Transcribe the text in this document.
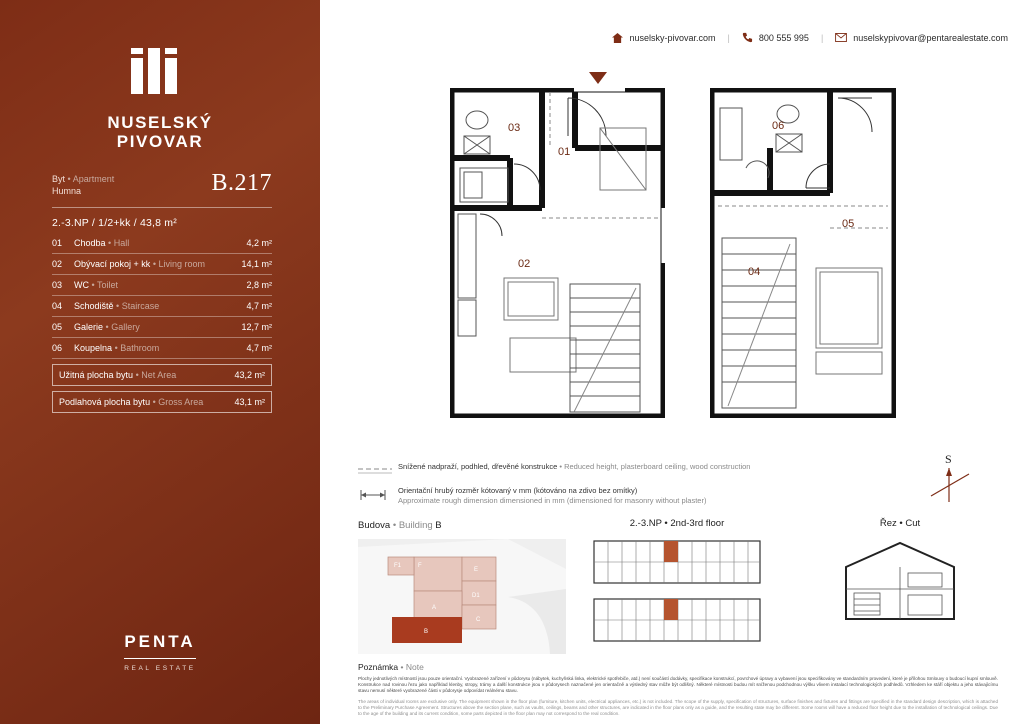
NUSELSKÝ
PIVOVAR
Byt • Apartment
Humna	B.217
2.-3.NP / 1/2+kk / 43,8 m²
01	Chodba • Hall	4,2 m²
02	Obývací pokoj + kk • Living room	14,1 m²
03	WC • Toilet	2,8 m²
04	Schodiště • Staircase	4,7 m²
05	Galerie • Gallery	12,7 m²
06	Koupelna • Bathroom	4,7 m²
Užitná plocha bytu • Net Area	43,2 m²
Podlahová plocha bytu • Gross Area	43,1 m²
PENTA
REAL ESTATE
nuselsky-pivovar.com |	800 555 995 |	nuselskypivovar@pentarealestate.com
03
01
02
06
05
04
Snížené nadpraží, podhled, dřevěné konstrukce • Reduced height, plasterboard ceiling, wood construction
Orientační hrubý rozměr kótovaný v mm (kótováno na zdivo bez omítky)
Approximate rough dimension dimensioned in mm (dimensioned for masonry without plaster)
S
Budova • Building B
F1	F
E
D1
A
C
B
2.-3.NP • 2nd-3rd floor	Řez • Cut
Poznámka • Note

Plochy jednotlivých místností jsou pouze orientační. Vyobrazené zařízení v půdorysu (nábytek, kuchyňská linka, elektrické spotřebiče, atd.) není součástí dodávky, specifikace konstrukcí, povrchové úpravy a vybavení jsou specifikovány ve standardním provedení, které je přílohou Smlouvy o budoucí kupní smlouvě. Konstrukce nad rovinou řezu jako například klenby, stropy, trámy a další konstrukce jsou v půdorysech naznačené jen orientačně a výsledný stav může být odlišný. Některé místnosti budou mít sníženou podchodnou výšku vlivem instalací technologických podhledů. Vzhledem ke stáří objektu a jeho stávajícímu stavu nemusí některé vyobrazené části v půdorysje odpovídat reálnému stavu.

The areas of individual rooms are exclusive only. The equipment shown in the floor plan (furniture, kitchen units, electrical appliances, etc.) is not included. The scope of the supply, specification of structures, surface finishes and fixtures and fittings are specified in the standard design description, which is attached to the Preliminary Purchase Agreement. Structures above the section plane, such as vaults, ceilings, beams and other structures, are indicated in the floor plans only as a guide, and the resulting state may be different. Some rooms will have a reduced floor height due to the installation of technological ceilings. Due to the age of the building and its current condition, some parts depicted in the floor plan may not correspond to the real condition.
